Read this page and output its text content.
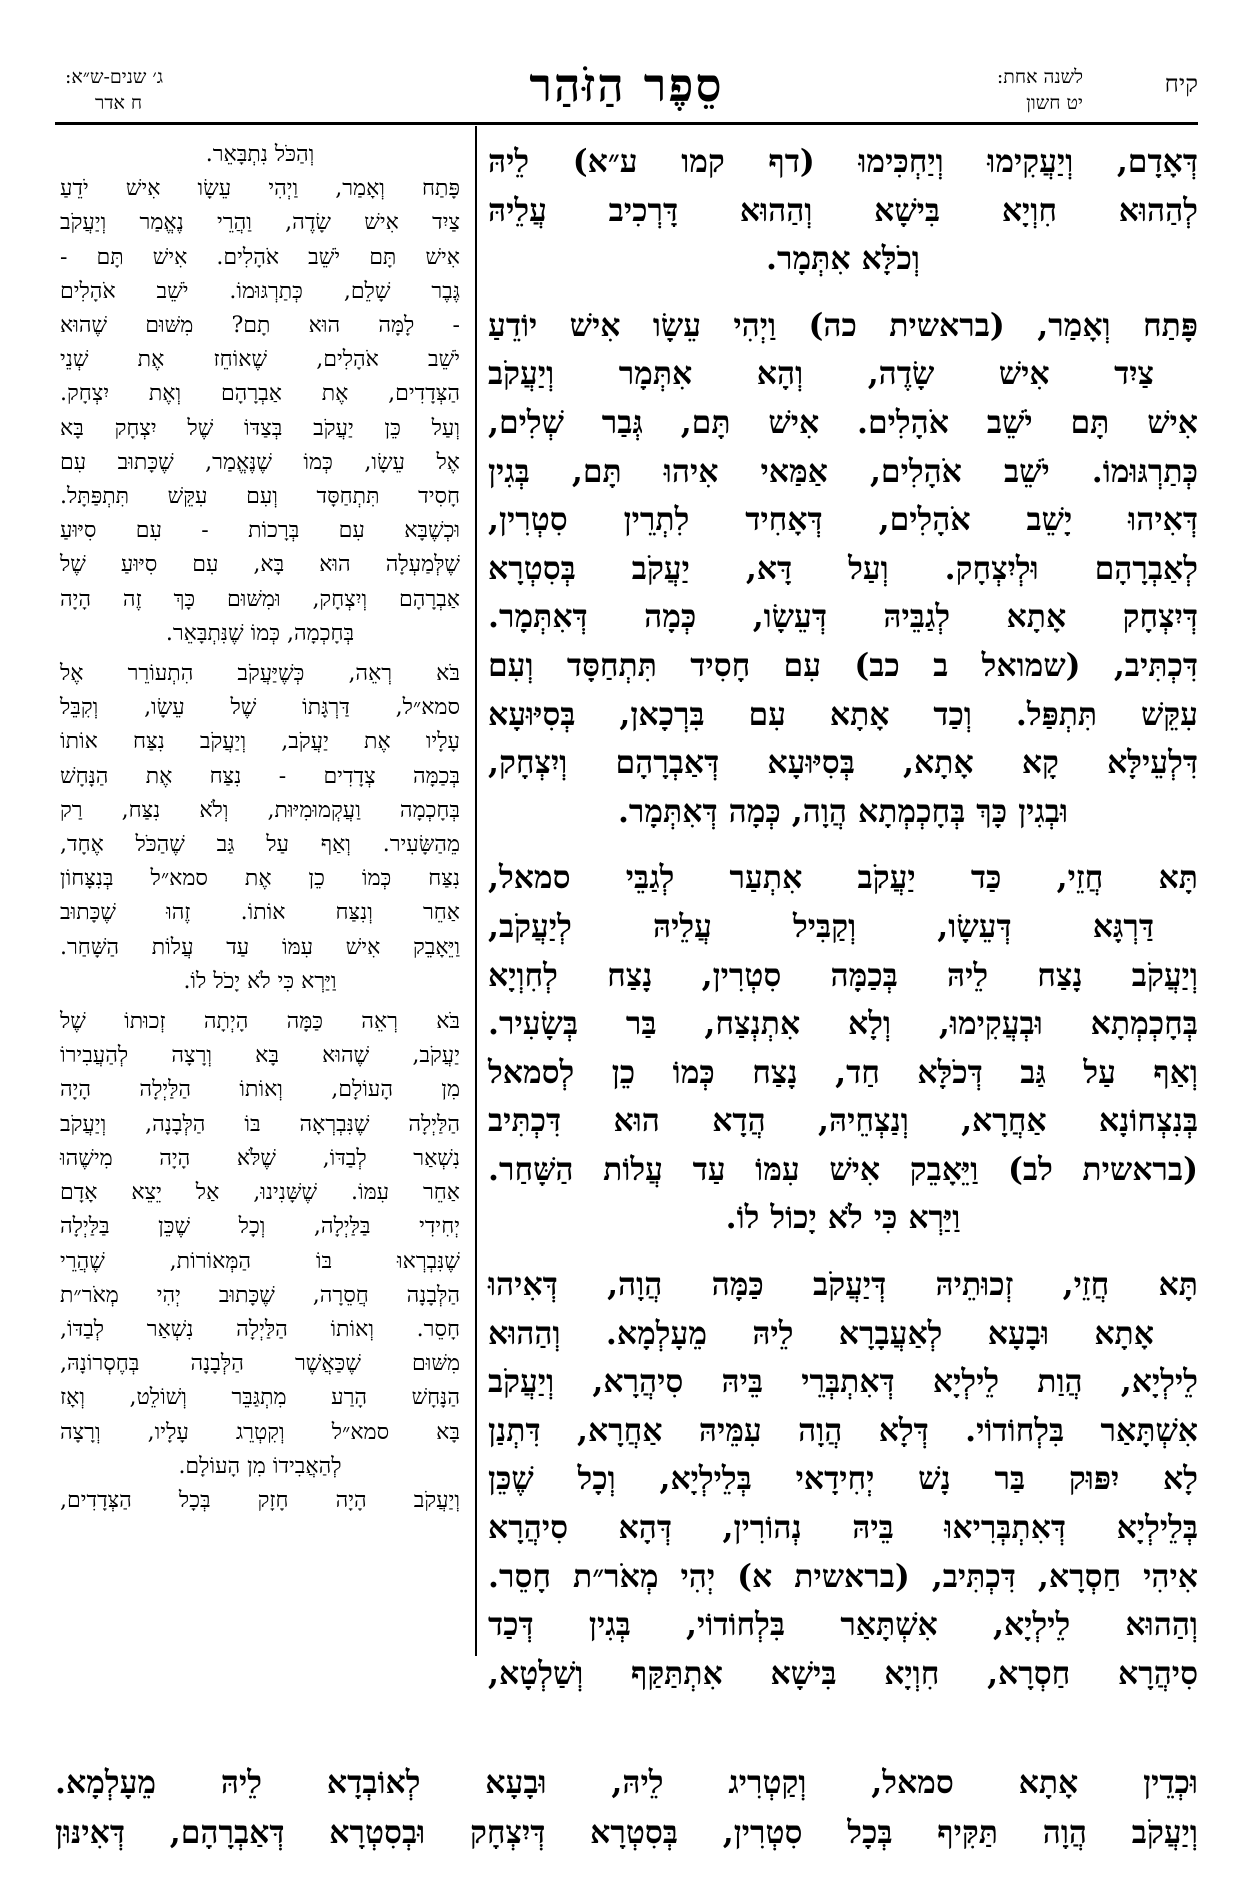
קיח
לשנה אחת:
יט חשון
סֵפֶר הַזֹּהַר
ג׳ שנים-ש״א:
ח אדר

דְּאָדָם, וְיַעֲקִימוּ וְיַחְכִּימוּ (דף קמו ע״א) לֵיהּ

לְהַהוּא חִוְיָא בִּישָׁא וְהַהוּא דָּרְכִיב עֲלֵיהּ

וְכֹלָּא אִתְּמָר.

פָּתַח וְאָמַר, (בראשית כה) וַיְהִי עֵשָׂו אִישׁ יוֹדֵעַ

צַיִד אִישׁ שָׂדֶה, וְהָא אִתְּמָר וְיַעֲקֹב

אִישׁ תָּם יֹשֵׁב אֹהָלִים. אִישׁ תָּם, גְּבַר שְׁלִים,

כְּתַרְגּוּמוֹ. יֹשֵׁב אֹהָלִים, אַמַּאי אִיהוּ תָּם, בְּגִין

דְּאִיהוּ יָשֵׁב אֹהָלִים, דְּאָחִיד לִתְרֵין סִטְרִין,

לְאַבְרָהָם וּלְיִצְחָק. וְעַל דָּא, יַעֲקֹב בְּסִטְרָא

דְּיִצְחָק אָתָא לְגַבֵּיהּ דְּעֵשָׂו, כְּמָה דְּאִתְּמָר.

דִּכְתִּיב, (שמואל ב כב) עִם חָסִיד תִּתְחַסָּד וְעִם

עִקֵּשׁ תִּתְפַּל. וְכַד אָתָא עִם בִּרְכָאן, בְּסִיּוּעָא

דִּלְעֵילָּא קָא אָתָא, בְּסִיּוּעָא דְּאַבְרָהָם וְיִצְחָק,

וּבְגִין כָּךְ בְּחָכְמְתָא הֲוָה, כְּמָה דְּאִתְּמָר.

תָּא חֲזֵי, כַּד יַעֲקֹב אִתְעַר לְגַבֵּי סמאל,

דַּרְגָּא דְּעֵשָׂו, וְקַבִּיל עֲלֵיהּ לְיַעֲקֹב,

וְיַעֲקֹב נָצַח לֵיהּ בְּכַמָּה סִטְרִין, נָצַח לְחִוְיָא

בְּחָכְמְתָא וּבְעֲקִימוּ, וְלָא אִתְנְצַח, בַּר בְּשָׂעִיר.

וְאַף עַל גַּב דְּכֹלָּא חַד, נָצַח כְּמוֹ כֵן לְסמאל

בְּנִצְחוֹנָא אַחֲרָא, וְנַצְחֵיהּ, הֲדָא הוּא דִּכְתִּיב

(בראשית לב) וַיֵּאָבֵק אִישׁ עִמּוֹ עַד עֲלוֹת הַשָּׁחַר.

וַיַּרְא כִּי לֹא יָכוֹל לוֹ.

תָּא חֲזֵי, זְכוּתֵיהּ דְּיַעֲקֹב כַּמָּה הֲוָה, דְּאִיהוּ

אָתָא וּבָעָא לְאַעֲבָרָא לֵיהּ מֵעָלְמָא. וְהַהוּא

לֵילְיָא, הֲוַת לֵילְיָא דְּאִתְבְּרֵי בֵּיהּ סִיהֲרָא, וְיַעֲקֹב

אִשְׁתָּאַר בִּלְחוֹדוֹי. דְּלָא הֲוָה עִמֵּיהּ אַחֲרָא, דִּתְנַן

לָא יִפּוּק בַּר נָשׁ יְחִידָאי בְּלֵילְיָא, וְכָל שֶׁכֵּן

בְּלֵילְיָא דְּאִתְבְּרִיאוּ בֵּיהּ נְהוֹרִין, דְּהָא סִיהֲרָא

אִיהִי חַסְרָא, דִּכְתִּיב, (בראשית א) יְהִי מְאֹר״ת חָסֵר.

וְהַהוּא לֵילְיָא, אִשְׁתָּאַר בִּלְחוֹדוֹי, בְּגִין דְּכַד

סִיהֲרָא חַסְרָא, חִוְיָא בִּישָׁא אִתְתַּקַּף וְשַׁלְטָא,

וְהַכֹּל נִתְבָּאֵר.

פָּתַח וְאָמַר, וַיְהִי עֵשָׂו אִישׁ יֹדֵעַ

צַיִד אִישׁ שָׂדֶה, וַהֲרֵי נֶאֱמַר וְיַעֲקֹב

אִישׁ תָּם יֹשֵׁב אֹהָלִים. אִישׁ תָּם -

גֶּבֶר שָׁלֵם, כְּתַרְגּוּמוֹ. יֹשֵׁב אֹהָלִים

- לָמָּה הוּא תָם? מִשּׁוּם שֶׁהוּא

יֹשֵׁב אֹהָלִים, שֶׁאוֹחֵז אֶת שְׁנֵי

הַצְּדָדִים, אֶת אַבְרָהָם וְאֶת יִצְחָק.

וְעַל כֵּן יַעֲקֹב בְּצַדּוֹ שֶׁל יִצְחָק בָּא

אֶל עֵשָׂו, כְּמוֹ שֶׁנֶּאֱמַר, שֶׁכָּתוּב עִם

חָסִיד תִּתְחַסָּד וְעִם עִקֵּשׁ תִּתְפַּתָּל.

וּכְשֶׁבָּא עִם בְּרָכוֹת - עִם סִיּוּעַ

שֶׁלְּמַעְלָה הוּא בָּא, עִם סִיּוּעַ שֶׁל

אַבְרָהָם וְיִצְחָק, וּמִשּׁוּם כָּךְ זֶה הָיָה

בְּחָכְמָה, כְּמוֹ שֶׁנִּתְבָּאֵר.

בֹּא רְאֵה, כְּשֶׁיַּעֲקֹב הִתְעוֹרֵר אֶל

סמא״ל, דַּרְגָּתוֹ שֶׁל עֵשָׂו, וְקִבֵּל

עָלָיו אֶת יַעֲקֹב, וְיַעֲקֹב נִצַּח אוֹתוֹ

בְּכַמָּה צְדָדִים - נִצַּח אֶת הַנָּחָשׁ

בְּחָכְמָה וַעֲקְמוּמִיּוּת, וְלֹא נִצַּח, רַק

מֵהַשָּׂעִיר. וְאַף עַל גַּב שֶׁהַכֹּל אֶחָד,

נִצַּח כְּמוֹ כֵן אֶת סמא״ל בְּנִצָּחוֹן

אַחֵר וְנִצַּח אוֹתוֹ. זֶהוּ שֶׁכָּתוּב

וַיֵּאָבֵק אִישׁ עִמּוֹ עַד עֲלוֹת הַשָּׁחַר.

וַיַּרְא כִּי לֹא יָכֹל לוֹ.

בֹּא רְאֵה כַּמָּה הָיְתָה זְכוּתוֹ שֶׁל

יַעֲקֹב, שֶׁהוּא בָּא וְרָצָה לְהַעֲבִירוֹ

מִן הָעוֹלָם, וְאוֹתוֹ הַלַּיְלָה הָיָה

הַלַּיְלָה שֶׁנִּבְרְאָה בּוֹ הַלְּבָנָה, וְיַעֲקֹב

נִשְׁאַר לְבַדּוֹ, שֶׁלֹּא הָיָה מִישֶׁהוּ

אַחֵר עִמּוֹ. שֶׁשָּׁנִינוּ, אַל יֵצֵא אָדָם

יְחִידִי בַּלַּיְלָה, וְכָל שֶׁכֵּן בַּלַּיְלָה

שֶׁנִּבְרְאוּ בּוֹ הַמְּאוֹרוֹת, שֶׁהֲרֵי

הַלְּבָנָה חֲסֵרָה, שֶׁכָּתוּב יְהִי מְאֹר״ת

חָסֵר. וְאוֹתוֹ הַלַּיְלָה נִשְׁאַר לְבַדּוֹ,

מִשּׁוּם שֶׁכַּאֲשֶׁר הַלְּבָנָה בְּחֶסְרוֹנָהּ,

הַנָּחָשׁ הָרַע מִתְגַּבֵּר וְשׁוֹלֵט, וְאָז

בָּא סמא״ל וְקִטְרֵג עָלָיו, וְרָצָה

לְהַאֲבִידוֹ מִן הָעוֹלָם.

וְיַעֲקֹב הָיָה חָזָק בְּכָל הַצְּדָדִים,

וּכְדֵין אָתָא סמאל, וְקַטְרִיג לֵיהּ, וּבָעָא לְאוֹבְדָא לֵיהּ מֵעָלְמָא.

וְיַעֲקֹב הֲוָה תַּקִּיף בְּכָל סִטְרִין, בְּסִטְרָא דְּיִצְחָק וּבְסִטְרָא דְּאַבְרָהָם, דְּאִינּוּן
